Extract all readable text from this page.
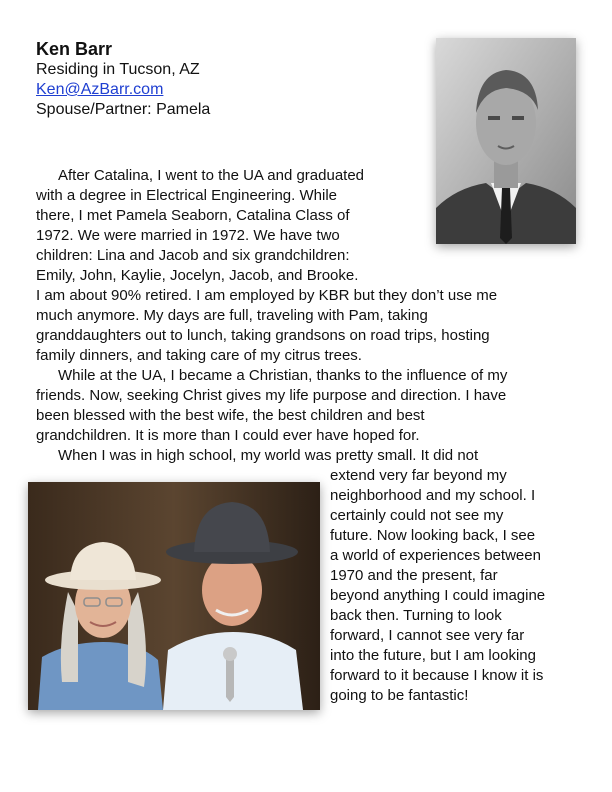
Ken Barr
Residing in Tucson, AZ
Ken@AzBarr.com
Spouse/Partner: Pamela
After Catalina, I went to the UA and graduated
with a degree in Electrical Engineering. While
there, I met Pamela Seaborn, Catalina Class of
1972. We were married in 1972. We have two
children: Lina and Jacob and six grandchildren:
Emily, John, Kaylie, Jocelyn, Jacob, and Brooke.
I am about 90% retired. I am employed by KBR but they don’t use me
much anymore. My days are full, traveling with Pam, taking
granddaughters out to lunch, taking grandsons on road trips, hosting
family dinners, and taking care of my citrus trees.
While at the UA, I became a Christian, thanks to the influence of my
friends. Now, seeking Christ gives my life purpose and direction. I have
been blessed with the best wife, the best children and best
grandchildren. It is more than I could ever have hoped for.
When I was in high school, my world was pretty small. It did not
extend very far beyond my
neighborhood and my school. I
certainly could not see my
future. Now looking back, I see
a world of experiences between
1970 and the present, far
beyond anything I could imagine
back then. Turning to look
forward, I cannot see very far
into the future, but I am looking
forward to it because I know it is
going to be fantastic!
